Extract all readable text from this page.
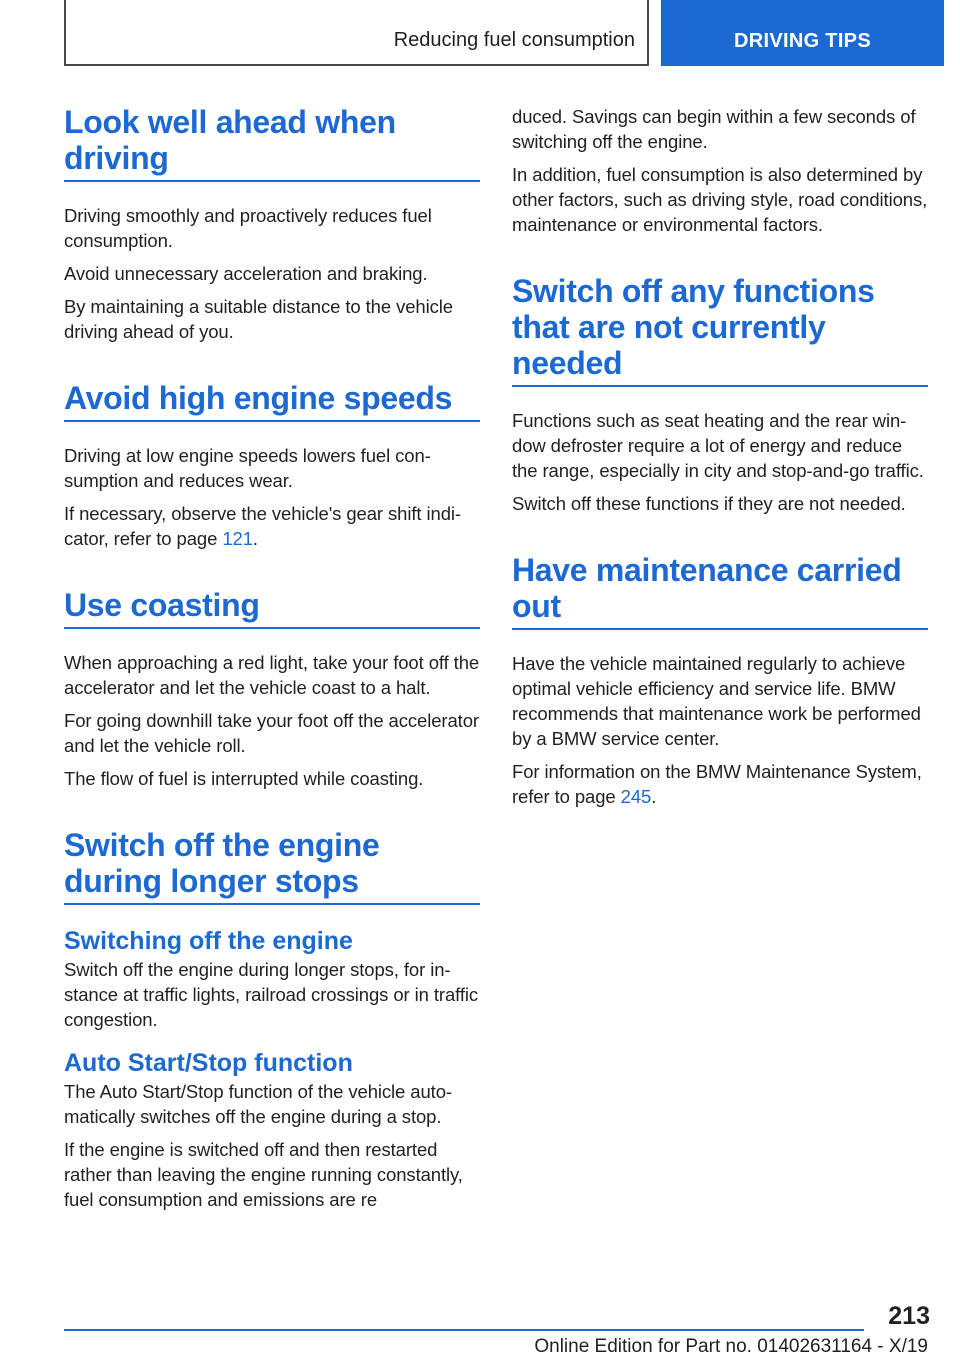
Reducing fuel consumption	DRIVING TIPS
Look well ahead when
driving

Driving smoothly and proactively reduces fuel consumption.

Avoid unnecessary acceleration and braking.

By maintaining a suitable distance to the vehicle driving ahead of you.

Avoid high engine speeds

Driving at low engine speeds lowers fuel consumption and reduces wear.

If necessary, observe the vehicle's gear shift indicator, refer to page 121.

Use coasting

When approaching a red light, take your foot off the accelerator and let the vehicle coast to a halt.

For going downhill take your foot off the accelerator and let the vehicle roll.

The flow of fuel is interrupted while coasting.

Switch off the engine
during longer stops
Switching off the engine

Switch off the engine during longer stops, for instance at traffic lights, railroad crossings or in traffic congestion.

Auto Start/Stop function

The Auto Start/Stop function of the vehicle automatically switches off the engine during a stop.

If the engine is switched off and then restarted rather than leaving the engine running constantly, fuel consumption and emissions are re

duced. Savings can begin within a few seconds of switching off the engine.

In addition, fuel consumption is also determined by other factors, such as driving style, road conditions, maintenance or environmental factors.

Switch off any functions
that are not currently
needed

Functions such as seat heating and the rear window defroster require a lot of energy and reduce the range, especially in city and stop-and-go traffic.

Switch off these functions if they are not needed.

Have maintenance carried
out

Have the vehicle maintained regularly to achieve optimal vehicle efficiency and service life. BMW recommends that maintenance work be performed by a BMW service center.

For information on the BMW Maintenance System, refer to page 245.

213
Online Edition for Part no. 01402631164 - X/19
